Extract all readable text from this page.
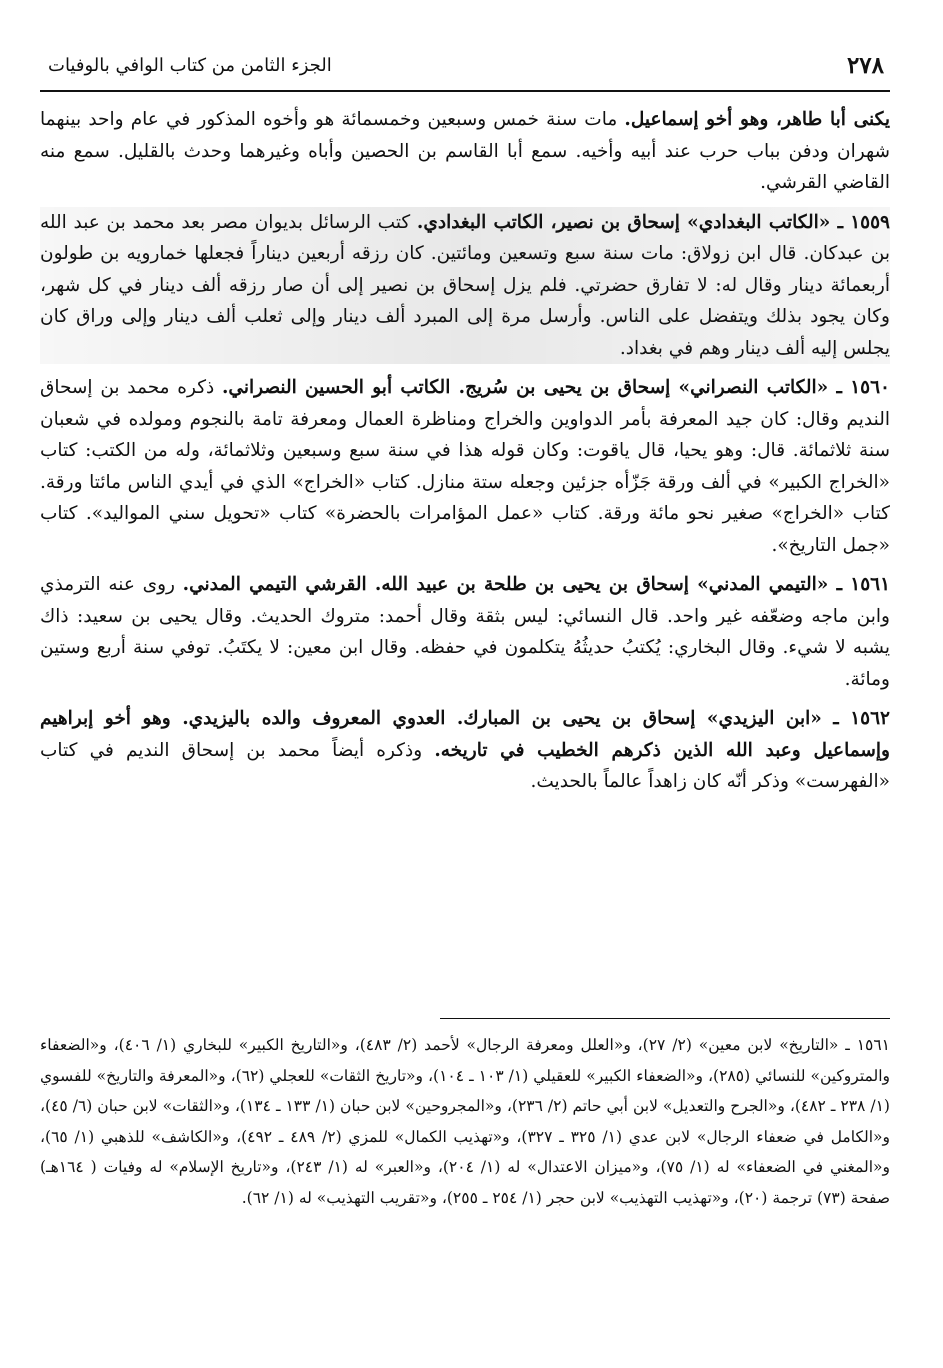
٢٧٨
الجزء الثامن من كتاب الوافي بالوفيات

يكنى أبا طاهر، وهو أخو إسماعيل. مات سنة خمس وسبعين وخمسمائة هو وأخوه المذكور في عام واحد بينهما شهران ودفن بباب حرب عند أبيه وأخيه. سمع أبا القاسم بن الحصين وأباه وغيرهما وحدث بالقليل. سمع منه القاضي القرشي.

١٥٥٩ ـ «الكاتب البغدادي» إسحاق بن نصير، الكاتب البغدادي. كتب الرسائل بديوان مصر بعد محمد بن عبد الله بن عبدكان. قال ابن زولاق: مات سنة سبع وتسعين ومائتين. كان رزقه أربعين ديناراً فجعلها خمارويه بن طولون أربعمائة دينار وقال له: لا تفارق حضرتي. فلم يزل إسحاق بن نصير إلى أن صار رزقه ألف دينار في كل شهر، وكان يجود بذلك ويتفضل على الناس. وأرسل مرة إلى المبرد ألف دينار وإلى ثعلب ألف دينار وإلى وراق كان يجلس إليه ألف دينار وهم في بغداد.

١٥٦٠ ـ «الكاتب النصراني» إسحاق بن يحيى بن سُريج. الكاتب أبو الحسين النصراني. ذكره محمد بن إسحاق النديم وقال: كان جيد المعرفة بأمر الدواوين والخراج ومناظرة العمال ومعرفة تامة بالنجوم ومولده في شعبان سنة ثلاثمائة. قال: وهو يحيا، قال ياقوت: وكان قوله هذا في سنة سبع وسبعين وثلاثمائة، وله من الكتب: كتاب «الخراج الكبير» في ألف ورقة جَزّأه جزئين وجعله ستة منازل. كتاب «الخراج» الذي في أيدي الناس مائتا ورقة. كتاب «الخراج» صغير نحو مائة ورقة. كتاب «عمل المؤامرات بالحضرة» كتاب «تحويل سني المواليد». كتاب «جمل التاريخ».

١٥٦١ ـ «التيمي المدني» إسحاق بن يحيى بن طلحة بن عبيد الله. القرشي التيمي المدني. روى عنه الترمذي وابن ماجه وضعّفه غير واحد. قال النسائي: ليس بثقة وقال أحمد: متروك الحديث. وقال يحيى بن سعيد: ذاك يشبه لا شيء. وقال البخاري: يُكتبُ حديثُهُ يتكلمون في حفظه. وقال ابن معين: لا يكتَبُ. توفي سنة أربع وستين ومائة.

١٥٦٢ ـ «ابن اليزيدي» إسحاق بن يحيى بن المبارك. العدوي المعروف والده باليزيدي. وهو أخو إبراهيم وإسماعيل وعبد الله الذين ذكرهم الخطيب في تاريخه. وذكره أيضاً محمد بن إسحاق النديم في كتاب «الفهرست» وذكر أنّه كان زاهداً عالماً بالحديث.

١٥٦١ ـ «التاريخ» لابن معين» (٢/ ٢٧)، و«العلل ومعرفة الرجال» لأحمد (٢/ ٤٨٣)، و«التاريخ الكبير» للبخاري (١/ ٤٠٦)، و«الضعفاء والمتروكين» للنسائي (٢٨٥)، و«الضعفاء الكبير» للعقيلي (١/ ١٠٣ ـ ١٠٤)، و«تاريخ الثقات» للعجلي (٦٢)، و«المعرفة والتاريخ» للفسوي (١/ ٢٣٨ ـ ٤٨٢)، و«الجرح والتعديل» لابن أبي حاتم (٢/ ٢٣٦)، و«المجروحين» لابن حبان (١/ ١٣٣ ـ ١٣٤)، و«الثقات» لابن حبان (٦/ ٤٥)، و«الكامل في ضعفاء الرجال» لابن عدي (١/ ٣٢٥ ـ ٣٢٧)، و«تهذيب الكمال» للمزي (٢/ ٤٨٩ ـ ٤٩٢)، و«الكاشف» للذهبي (١/ ٦٥)، و«المغني في الضعفاء» له (١/ ٧٥)، و«ميزان الاعتدال» له (١/ ٢٠٤)، و«العبر» له (١/ ٢٤٣)، و«تاريخ الإسلام» له وفيات ( ١٦٤هـ) صفحة (٧٣) ترجمة (٢٠)، و«تهذيب التهذيب» لابن حجر (١/ ٢٥٤ ـ ٢٥٥)، و«تقريب التهذيب» له (١/ ٦٢).
